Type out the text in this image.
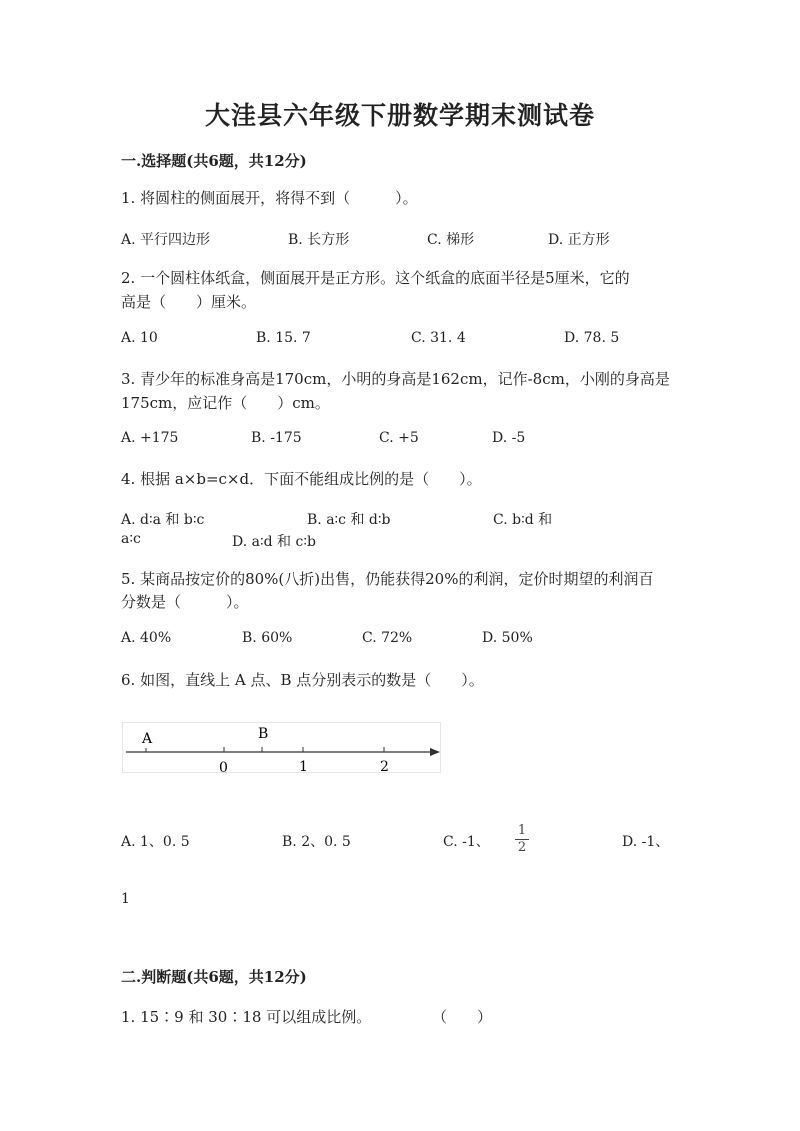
大洼县六年级下册数学期末测试卷
一.选择题(共6题，共12分)
1. 将圆柱的侧面展开，将得不到（　　　）。
A. 平行四边形	B. 长方形	C. 梯形	D. 正方形
2. 一个圆柱体纸盒，侧面展开是正方形。这个纸盒的底面半径是5厘米，它的
高是（　　）厘米。
A. 10	B. 15. 7	C. 31. 4	D. 78. 5
3. 青少年的标准身高是170cm，小明的身高是162cm，记作-8cm，小刚的身高是
175cm，应记作（　　）cm。
A. +175	B. -175	C. +5	D. -5
4. 根据 a×b=c×d．下面不能组成比例的是（　　）。
A. d∶a 和 b∶c	B. a∶c 和 d∶b	C. b∶d 和
a∶c	D. a∶d 和 c∶b
5. 某商品按定价的80%(八折)出售，仍能获得20%的利润，定价时期望的利润百
分数是（　　　）。
A. 40%	B. 60%	C. 72%	D. 50%
6. 如图，直线上 A 点、B 点分别表示的数是（　　）。
A	B
0	1	2
A. 1、0. 5	B. 2、0. 5	C. -1、
1
2	D. -1、
1
二.判断题(共6题，共12分)
1. 15∶9 和 30∶18 可以组成比例。	（　　）
